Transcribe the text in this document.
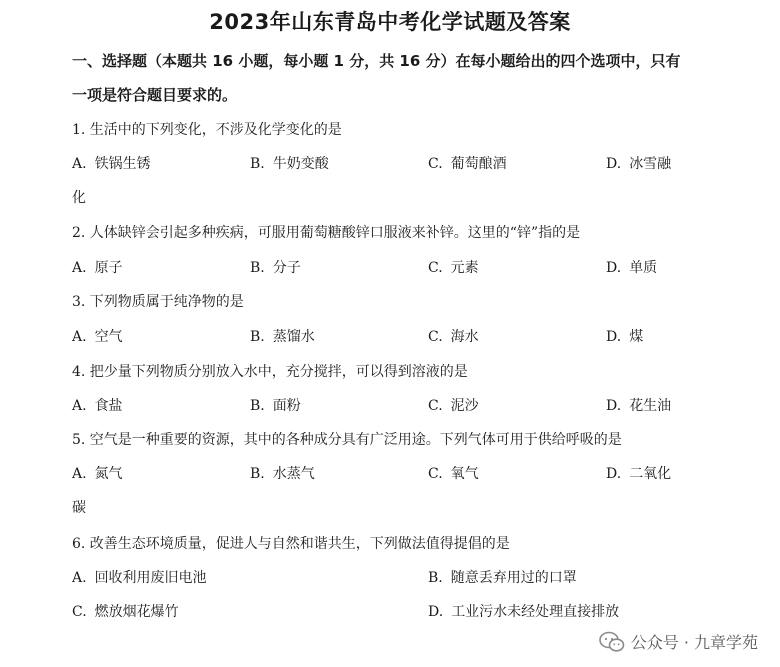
2023年山东青岛中考化学试题及答案
一、选择题（本题共 16 小题，每小题 1 分，共 16 分）在每小题给出的四个选项中，只有
一项是符合题目要求的。
1. 生活中的下列变化，不涉及化学变化的是
A. 铁锅生锈	B. 牛奶变酸	C. 葡萄酿酒	D. 冰雪融
化
2. 人体缺锌会引起多种疾病，可服用葡萄糖酸锌口服液来补锌。这里的“锌”指的是
A. 原子	B. 分子	C. 元素	D. 单质
3. 下列物质属于纯净物的是
A. 空气	B. 蒸馏水	C. 海水	D. 煤
4. 把少量下列物质分别放入水中，充分搅拌，可以得到溶液的是
A. 食盐	B. 面粉	C. 泥沙	D. 花生油
5. 空气是一种重要的资源，其中的各种成分具有广泛用途。下列气体可用于供给呼吸的是
A. 氮气	B. 水蒸气	C. 氧气	D. 二氧化
碳
6. 改善生态环境质量，促进人与自然和谐共生，下列做法值得提倡的是
A. 回收利用废旧电池	B. 随意丢弃用过的口罩
C. 燃放烟花爆竹	D. 工业污水未经处理直接排放
公众号 · 九章学苑
